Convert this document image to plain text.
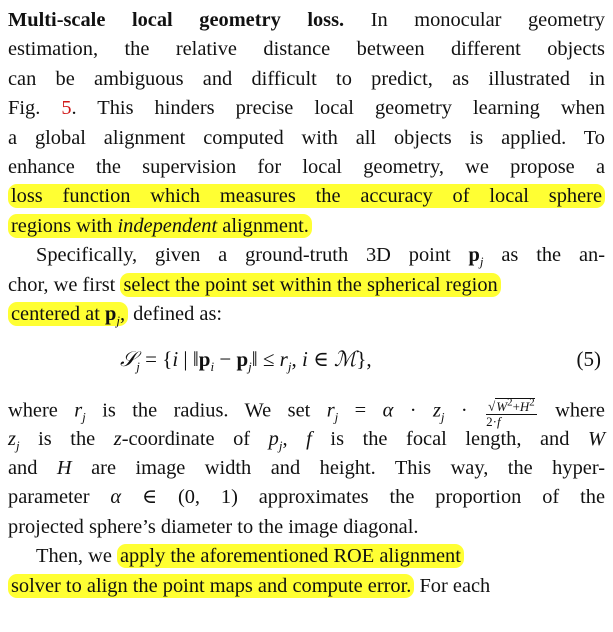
Multi-scale local geometry loss. In monocular geometry
estimation, the relative distance between different objects
can be ambiguous and difficult to predict, as illustrated in
Fig. 5. This hinders precise local geometry learning when
a global alignment computed with all objects is applied. To
enhance the supervision for local geometry, we propose a
loss function which measures the accuracy of local sphere
regions with independent alignment.
Specifically, given a ground-truth 3D point $p_j$ as the an-
chor, we first select the point set within the spherical region
centered at $p_j$, defined as:
𝒮$_j$ = {i | $‖p_i$ − $p_j‖ \le r_j$, i ∈ ℳ},	(5)
where $r_j$ is the radius. We set $r_j = \alpha \cdot z_j \cdot \frac{√W^2+H^2}{2\cdot f}$ where
$z_j$ is the z-coordinate of $p_j$, f is the focal length, and W
and H are image width and height. This way, the hyper-
parameter α ∈ (0, 1) approximates the proportion of the
projected sphere’s diameter to the image diagonal.
Then, we apply the aforementioned ROE alignment
solver to align the point maps and compute error. For each
